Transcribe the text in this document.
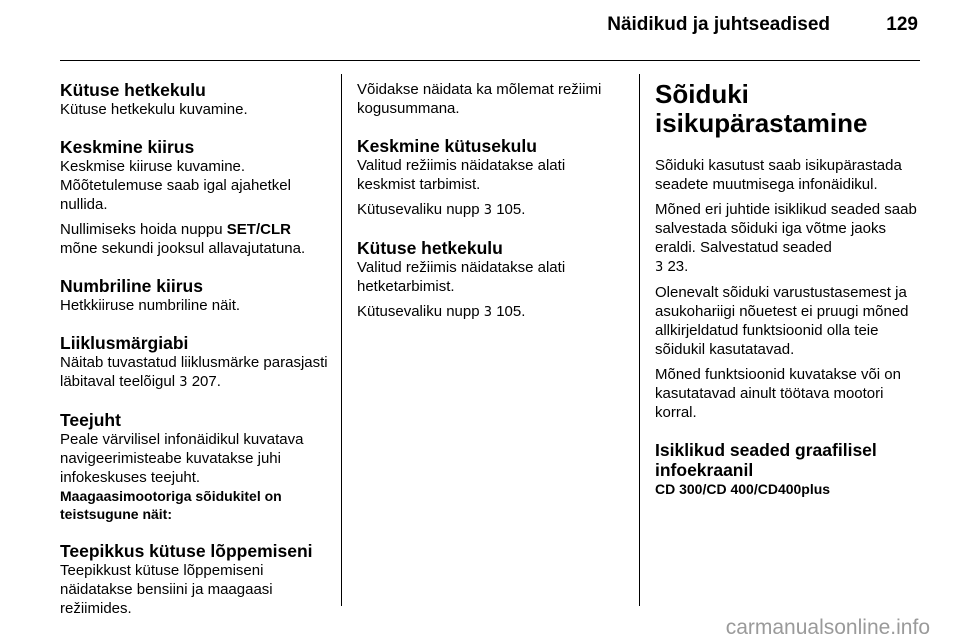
Näidikud ja juhtseadised	129
Kütuse hetkekulu

Kütuse hetkekulu kuvamine.

Keskmine kiirus

Keskmise kiiruse kuvamine.

Mõõtetulemuse saab igal ajahetkel nullida.

Nullimiseks hoida nuppu SET/CLR mõne sekundi jooksul allavajutatuna.

Numbriline kiirus

Hetkkiiruse numbriline näit.

Liiklusmärgiabi

Näitab tuvastatud liiklusmärke parasjasti läbitaval teelõigul 3 207.

Teejuht

Peale värvilisel infonäidikul kuvatava navigeerimisteabe kuvatakse juhi infokeskuses teejuht.

Maagaasimootoriga sõidukitel on teistsugune näit:

Teepikkus kütuse lõppemiseni

Teepikkust kütuse lõppemiseni näidatakse bensiini ja maagaasi režiimides.

Võidakse näidata ka mõlemat režiimi kogusummana.

Keskmine kütusekulu

Valitud režiimis näidatakse alati keskmist tarbimist.

Kütusevaliku nupp 3 105.

Kütuse hetkekulu

Valitud režiimis näidatakse alati hetketarbimist.

Kütusevaliku nupp 3 105.

Sõiduki
isikupärastamine

Sõiduki kasutust saab isikupärastada seadete muutmisega infonäidikul.

Mõned eri juhtide isiklikud seaded saab salvestada sõiduki iga võtme jaoks eraldi. Salvestatud seaded
3 23.

Olenevalt sõiduki varustustasemest ja asukohariigi nõuetest ei pruugi mõned allkirjeldatud funktsioonid olla teie sõidukil kasutatavad.

Mõned funktsioonid kuvatakse või on kasutatavad ainult töötava mootori korral.

Isiklikud seaded graafilisel infoekraanil

CD 300/CD 400/CD400plus

carmanualsonline.info
